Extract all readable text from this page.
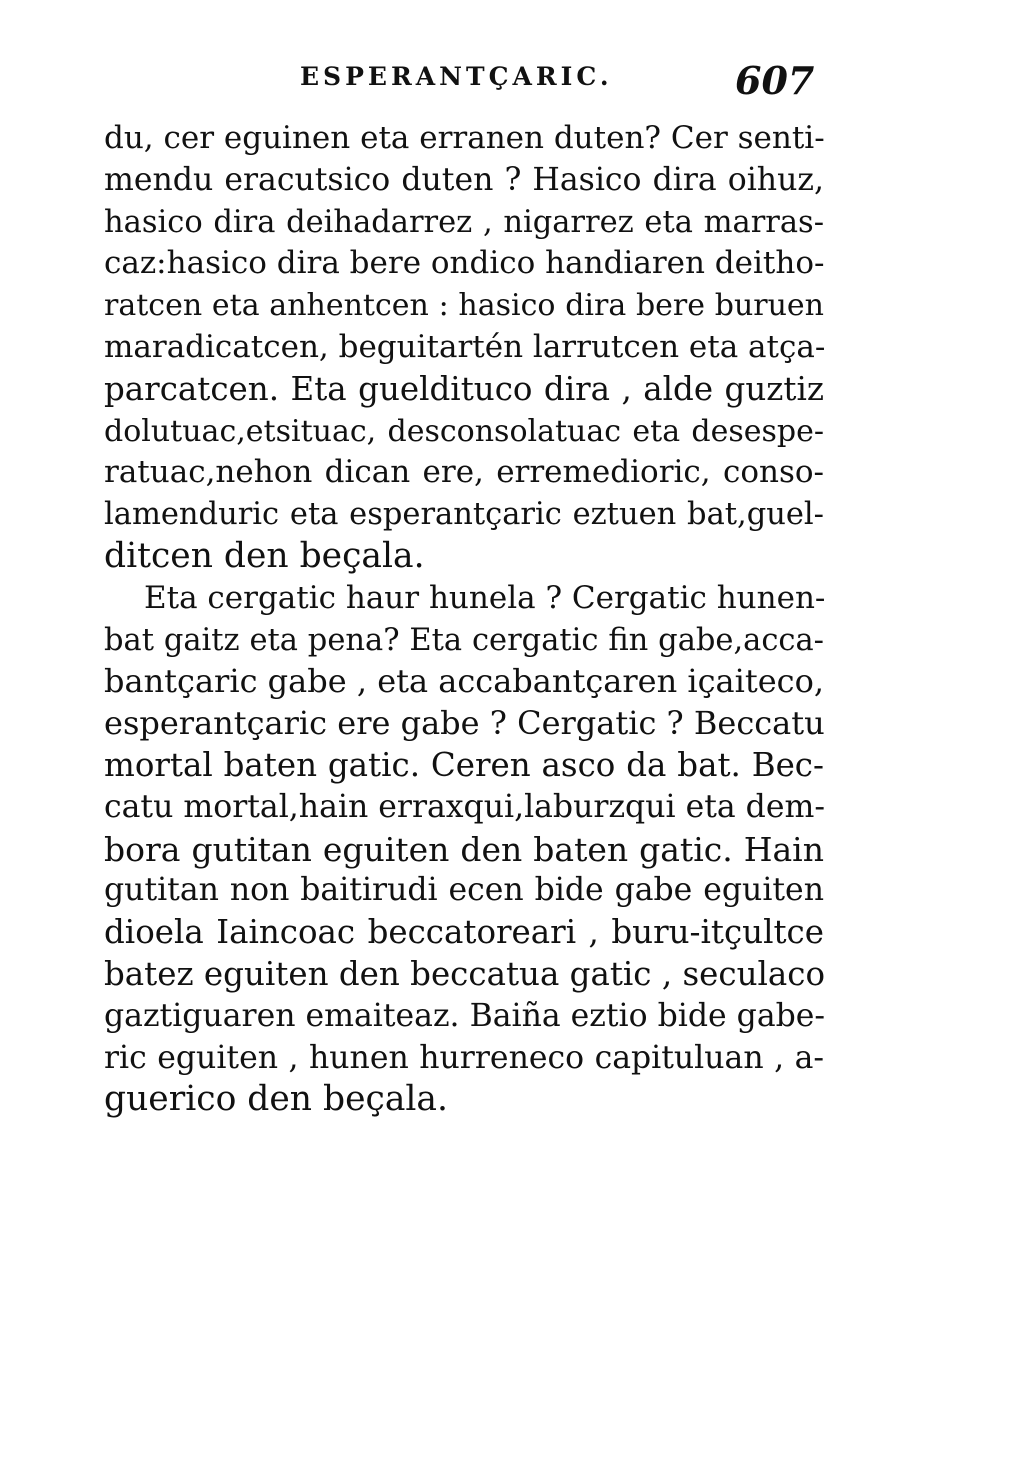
ESPERANTÇARIC.	607
du, cer eguinen eta erranen duten? Cer senti-
mendu eracutsico duten ? Hasico dira oihuz,
hasico dira deihadarrez , nigarrez eta marras-
caz:hasico dira bere ondico handiaren deitho-
ratcen eta anhentcen : hasico dira bere buruen
maradicatcen, beguitartén larrutcen eta atça-
parcatcen. Eta gueldituco dira , alde guztiz
dolutuac,etsituac, desconsolatuac eta desespe-
ratuac,nehon dican ere, erremedioric, conso-
lamenduric eta esperantçaric eztuen bat,guel-
ditcen den beçala.
Eta cergatic haur hunela ? Cergatic hunen-
bat gaitz eta pena? Eta cergatic fin gabe,acca-
bantçaric gabe , eta accabantçaren içaiteco,
esperantçaric ere gabe ? Cergatic ? Beccatu
mortal baten gatic. Ceren asco da bat. Bec-
catu mortal,hain erraxqui,laburzqui eta dem-
bora gutitan eguiten den baten gatic. Hain
gutitan non baitirudi ecen bide gabe eguiten
dioela Iaincoac beccatoreari , buru-itçultce
batez eguiten den beccatua gatic , seculaco
gaztiguaren emaiteaz. Baiña eztio bide gabe-
ric eguiten , hunen hurreneco capituluan , a-
guerico den beçala.
